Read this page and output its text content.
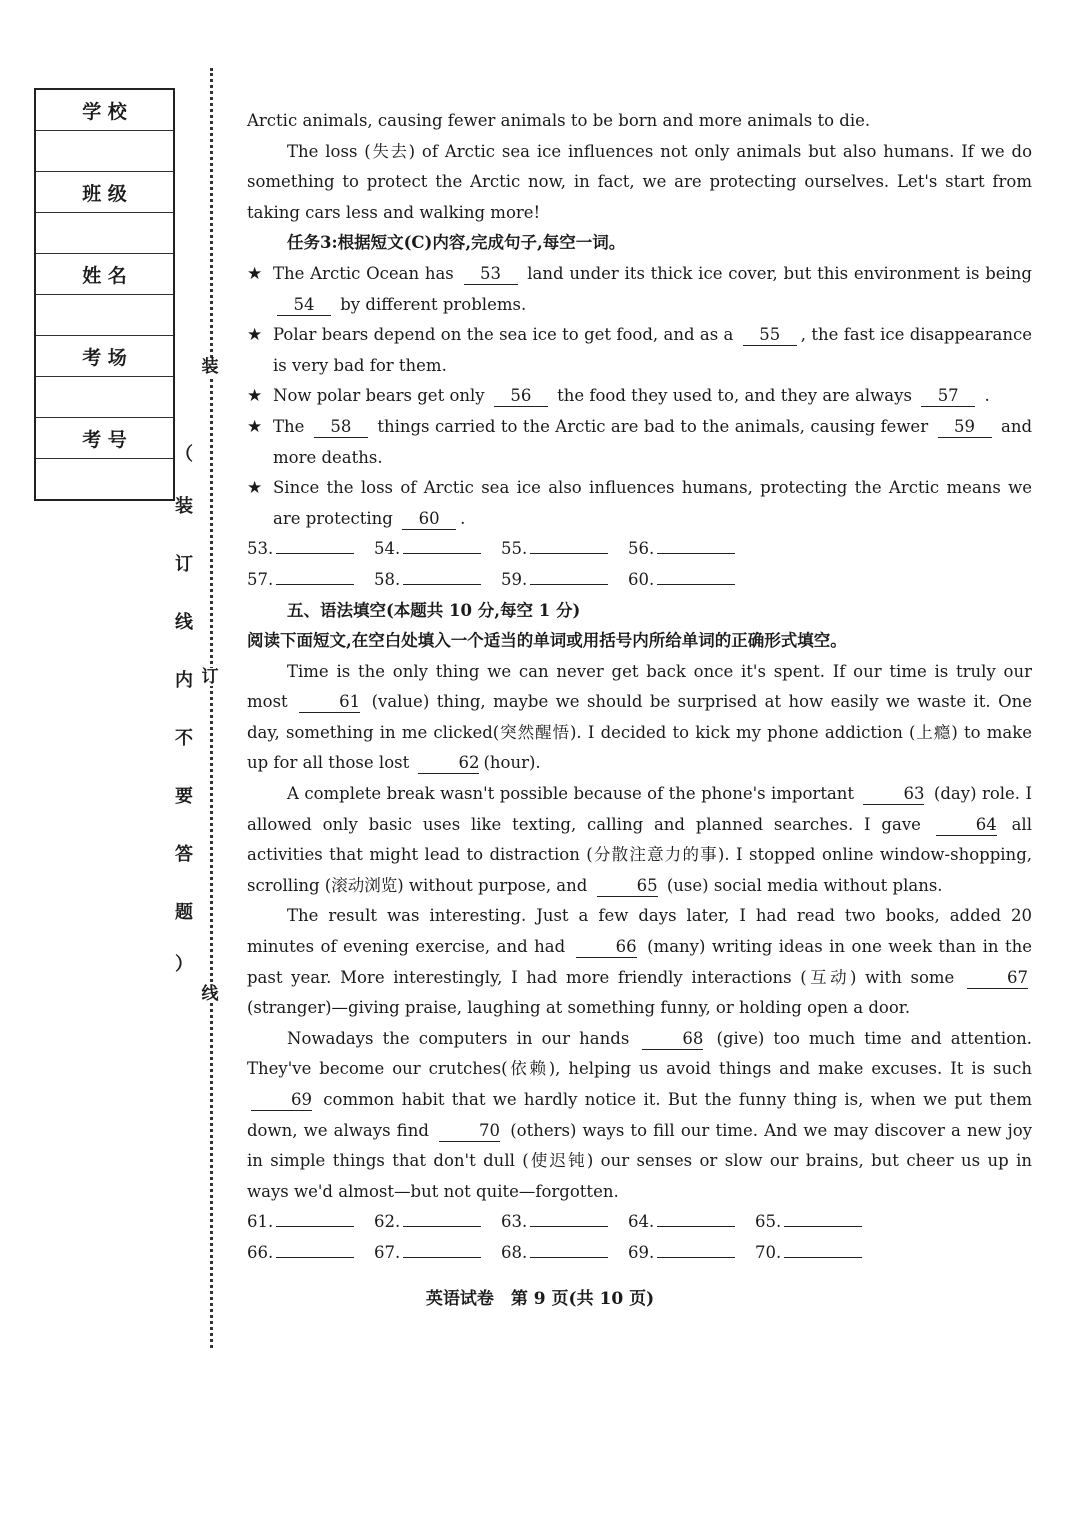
学 校
班 级
姓 名
考 场
考 号
装
订
线
（
装
订
线
内
不
要
答
题
）

Arctic animals, causing fewer animals to be born and more animals to die.

The loss (失去) of Arctic sea ice influences not only animals but also humans. If we do something to protect the Arctic now, in fact, we are protecting ourselves. Let's start from taking cars less and walking more!

任务3:根据短文(C)内容,完成句子,每空一词。

★ The Arctic Ocean has 53 land under its thick ice cover, but this environment is being 54 by different problems.
★ Polar bears depend on the sea ice to get food, and as a 55 , the fast ice disappearance is very bad for them.
★ Now polar bears get only 56 the food they used to, and they are always 57 .
★ The 58 things carried to the Arctic are bad to the animals, causing fewer 59 and more deaths.
★ Since the loss of Arctic sea ice also influences humans, protecting the Arctic means we are protecting 60 .
53.	54.	55.	56.
57.	58.	59.	60.

五、语法填空(本题共 10 分,每空 1 分)

阅读下面短文,在空白处填入一个适当的单词或用括号内所给单词的正确形式填空。

Time is the only thing we can never get back once it's spent. If our time is truly our most	61 (value) thing, maybe we should be surprised at how easily we waste it. One day, something in me clicked(突然醒悟). I decided to kick my phone addiction (上瘾) to make up for all those lost	62 (hour).

A complete break wasn't possible because of the phone's important	63 (day) role. I allowed only basic uses like texting, calling and planned searches. I gave	64 all activities that might lead to distraction (分散注意力的事). I stopped online window-shopping, scrolling (滚动浏览) without purpose, and	65 (use) social media without plans.

The result was interesting. Just a few days later, I had read two books, added 20 minutes of evening exercise, and had	66 (many) writing ideas in one week than in the past year. More interestingly, I had more friendly interactions (互动) with some	67 (stranger)—giving praise, laughing at something funny, or holding open a door.

Nowadays the computers in our hands	68 (give) too much time and attention. They've become our crutches(依赖), helping us avoid things and make excuses. It is such 69 common habit that we hardly notice it. But the funny thing is, when we put them down, we always find	70 (others) ways to fill our time. And we may discover a new joy in simple things that don't dull (使迟钝) our senses or slow our brains, but cheer us up in ways we'd almost—but not quite—forgotten.

61.	62.	63.	64.	65.
66.	67.	68.	69.	70.
英语试卷　第 9 页(共 10 页)
